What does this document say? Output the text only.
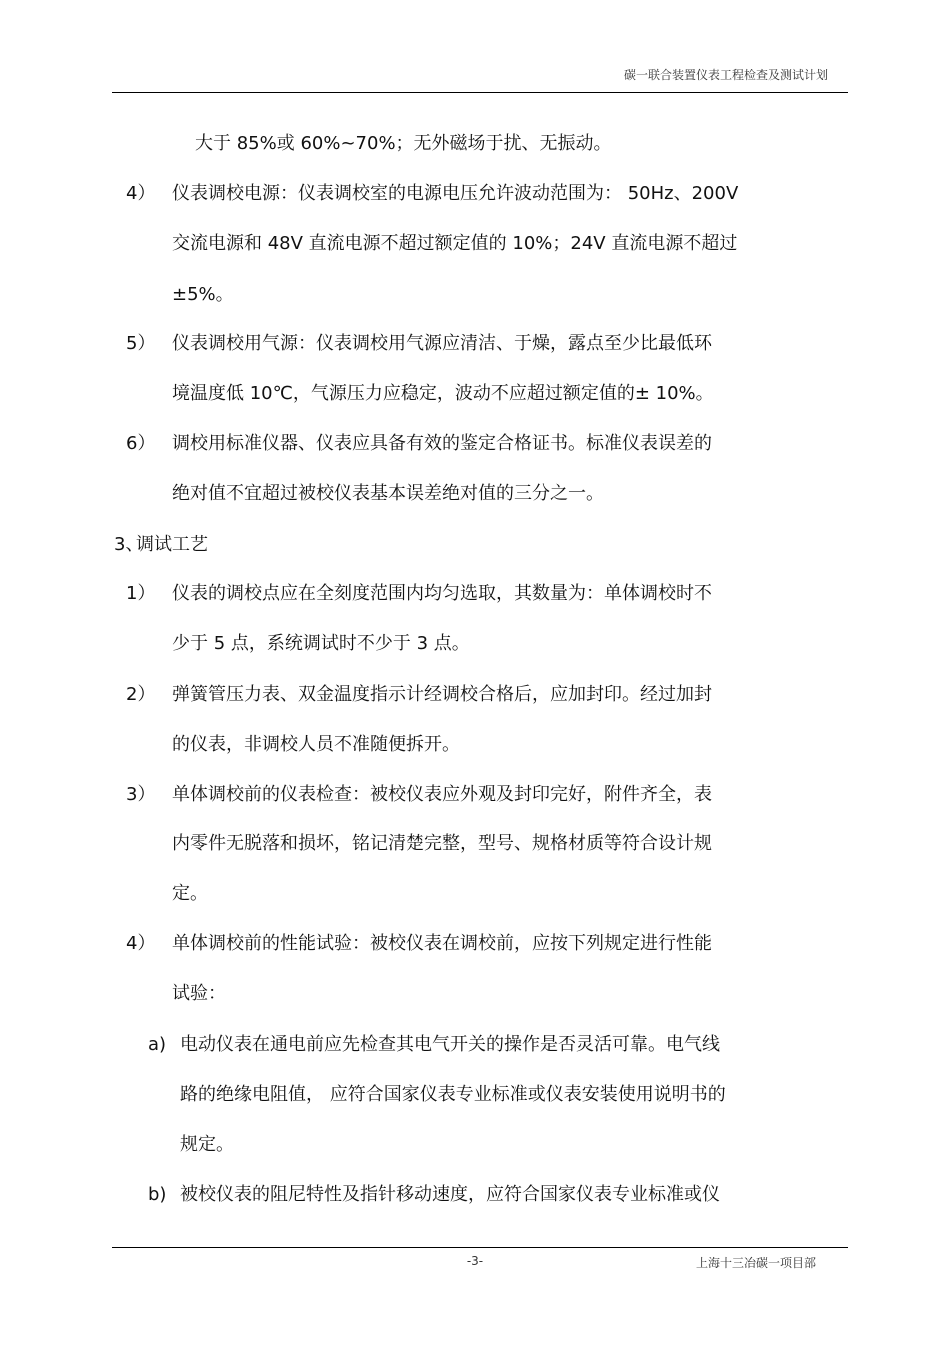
碳一联合装置仪表工程检查及测试计划
大于 85%或 60%~70%；无外磁场于扰、无振动。
4） 仪表调校电源：仪表调校室的电源电压允许波动范围为： 50Hz、200V
交流电源和 48V 直流电源不超过额定值的 10%；24V 直流电源不超过
±5%。
5） 仪表调校用气源：仪表调校用气源应清洁、于燥，露点至少比最低环
境温度低 10℃，气源压力应稳定，波动不应超过额定值的± 10%。
6） 调校用标准仪器、仪表应具备有效的鉴定合格证书。标准仪表误差的
绝对值不宜超过被校仪表基本误差绝对值的三分之一。
3、
调试工艺
1） 仪表的调校点应在全刻度范围内均匀选取，其数量为：单体调校时不
少于 5 点，系统调试时不少于 3 点。
2） 弹簧管压力表、双金温度指示计经调校合格后，应加封印。经过加封
的仪表，非调校人员不准随便拆开。
3） 单体调校前的仪表检查：被校仪表应外观及封印完好，附件齐全，表
内零件无脱落和损坏，铭记清楚完整，型号、规格材质等符合设计规
定。
4） 单体调校前的性能试验：被校仪表在调校前，应按下列规定进行性能
试验：
a) 电动仪表在通电前应先检查其电气开关的操作是否灵活可靠。电气线
路的绝缘电阻值， 应符合国家仪表专业标准或仪表安装使用说明书的
规定。
b) 被校仪表的阻尼特性及指针移动速度，应符合国家仪表专业标准或仪
-3-	上海十三冶碳一项目部
